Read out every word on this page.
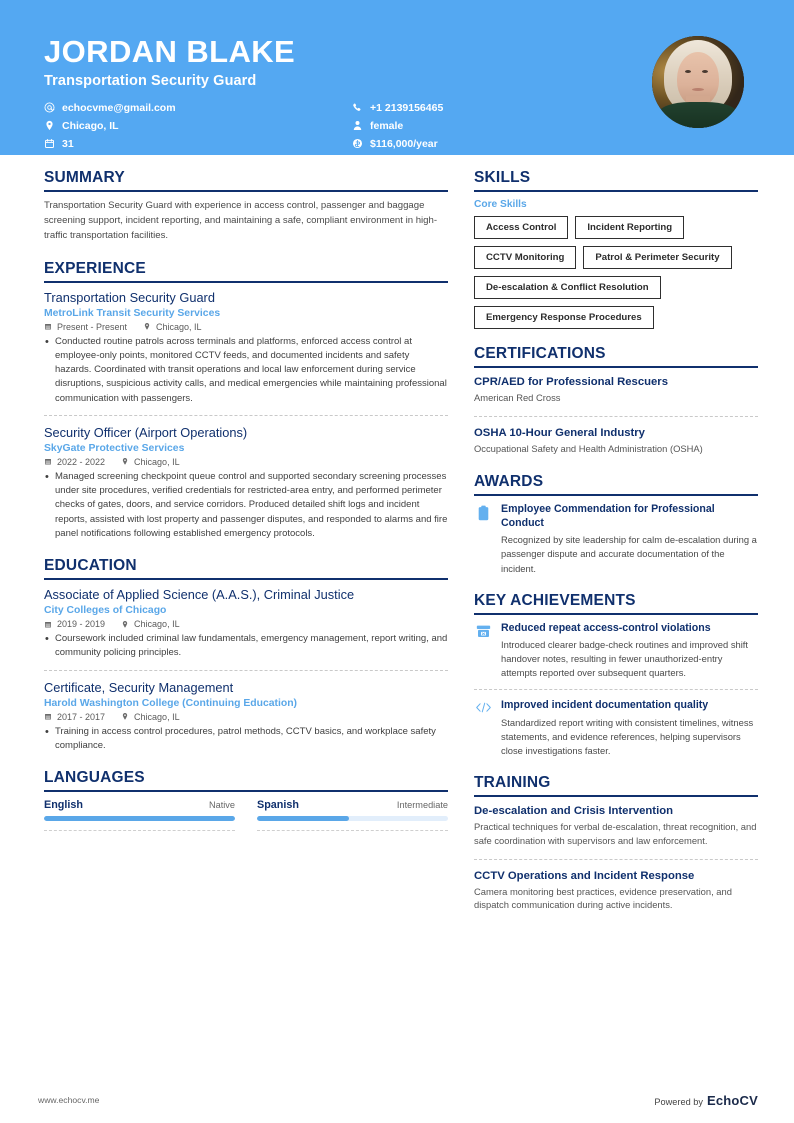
JORDAN BLAKE
Transportation Security Guard
echocvme@gmail.com	+1 2139156465
Chicago, IL	female
31	$116,000/year
SUMMARY
Transportation Security Guard with experience in access control, passenger and baggage screening support, incident reporting, and maintaining a safe, compliant environment in high-traffic transportation facilities.
EXPERIENCE
Transportation Security Guard
MetroLink Transit Security Services
Present - Present	Chicago, IL
• Conducted routine patrols across terminals and platforms, enforced access control at employee-only points, monitored CCTV feeds, and documented incidents and safety hazards. Coordinated with transit operations and local law enforcement during service disruptions, suspicious activity calls, and medical emergencies while maintaining professional communication with passengers.
Security Officer (Airport Operations)
SkyGate Protective Services
2022 - 2022	Chicago, IL
• Managed screening checkpoint queue control and supported secondary screening processes under site procedures, verified credentials for restricted-area entry, and performed perimeter checks of gates, doors, and service corridors. Produced detailed shift logs and incident reports, assisted with lost property and passenger disputes, and responded to alarms and fire panel notifications following established emergency protocols.
EDUCATION
Associate of Applied Science (A.A.S.), Criminal Justice
City Colleges of Chicago
2019 - 2019	Chicago, IL
• Coursework included criminal law fundamentals, emergency management, report writing, and community policing principles.
Certificate, Security Management
Harold Washington College (Continuing Education)
2017 - 2017	Chicago, IL
• Training in access control procedures, patrol methods, CCTV basics, and workplace safety compliance.
LANGUAGES
English	Native Spanish	Intermediate
SKILLS
Core Skills
Access Control	Incident Reporting
CCTV Monitoring	Patrol & Perimeter Security
De-escalation & Conflict Resolution
Emergency Response Procedures
CERTIFICATIONS
CPR/AED for Professional Rescuers
American Red Cross
OSHA 10-Hour General Industry
Occupational Safety and Health Administration (OSHA)
AWARDS
Employee Commendation for Professional Conduct
Recognized by site leadership for calm de-escalation during a passenger dispute and accurate documentation of the incident.
KEY ACHIEVEMENTS
Reduced repeat access-control violations
Introduced clearer badge-check routines and improved shift handover notes, resulting in fewer unauthorized-entry attempts reported over subsequent quarters.
Improved incident documentation quality
Standardized report writing with consistent timelines, witness statements, and evidence references, helping supervisors close investigations faster.
TRAINING
De-escalation and Crisis Intervention
Practical techniques for verbal de-escalation, threat recognition, and safe coordination with supervisors and law enforcement.
CCTV Operations and Incident Response
Camera monitoring best practices, evidence preservation, and dispatch communication during active incidents.
www.echocv.me	Powered by EchoCV
